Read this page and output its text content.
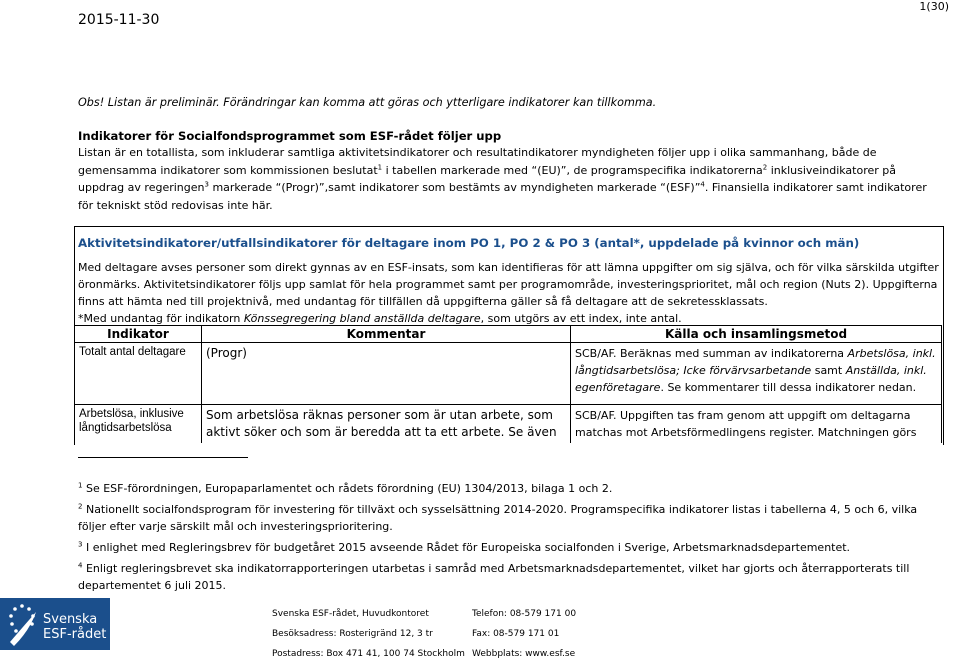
2015-11-30
1(30)
Obs! Listan är preliminär. Förändringar kan komma att göras och ytterligare indikatorer kan tillkomma.
Indikatorer för Socialfondsprogrammet som ESF-rådet följer upp
Listan är en totallista, som inkluderar samtliga aktivitetsindikatorer och resultatindikatorer myndigheten följer upp i olika sammanhang, både de gemensamma indikatorer som kommissionen beslutat$^1$ i tabellen markerade med “(EU)”, de programspecifika indikatorerna$^2$ inklusiveindikatorer på uppdrag av regeringen$^3$ markerade “(Progr)”,samt indikatorer som bestämts av myndigheten markerade “(ESF)”$^4$. Finansiella indikatorer samt indikatorer för tekniskt stöd redovisas inte här.
Aktivitetsindikatorer/utfallsindikatorer för deltagare inom PO 1, PO 2 & PO 3 (antal*, uppdelade på kvinnor och män)
Med deltagare avses personer som direkt gynnas av en ESF-insats, som kan identifieras för att lämna uppgifter om sig själva, och för vilka särskilda utgifter öronmärks. Aktivitetsindikatorer följs upp samlat för hela programmet samt per programområde, investeringsprioritet, mål och region (Nuts 2). Uppgifterna finns att hämta ned till projektnivå, med undantag för tillfällen då uppgifterna gäller så få deltagare att de sekretessklassats.
*Med undantag för indikatorn Könssegregering bland anställda deltagare, som utgörs av ett index, inte antal.
Indikator	Kommentar	Källa och insamlingsmetod
Totalt antal deltagare	(Progr)	SCB/AF. Beräknas med summan av indikatorerna Arbetslösa, inkl. långtidsarbetslösa; Icke förvärvsarbetande samt Anställda, inkl. egenföretagare. Se kommentarer till dessa indikatorer nedan.
Arbetslösa, inklusive långtidsarbetslösa	Som arbetslösa räknas personer som är utan arbete, som aktivt söker och som är beredda att ta ett arbete. Se även	SCB/AF. Uppgiften tas fram genom att uppgift om deltagarna matchas mot Arbetsförmedlingens register. Matchningen görs
$^1$ Se ESF-förordningen, Europaparlamentet och rådets förordning (EU) 1304/2013, bilaga 1 och 2.
$^2$ Nationellt socialfondsprogram för investering för tillväxt och sysselsättning 2014-2020. Programspecifika indikatorer listas i tabellerna 4, 5 och 6, vilka följer efter varje särskilt mål och investeringsprioritering.
$^3$ I enlighet med Regleringsbrev för budgetåret 2015 avseende Rådet för Europeiska socialfonden i Sverige, Arbetsmarknadsdepartementet.
$^4$ Enligt regleringsbrevet ska indikatorrapporteringen utarbetas i samråd med Arbetsmarknadsdepartementet, vilket har gjorts och återrapporterats till departementet 6 juli 2015.
Svenska
ESF-rådet
Svenska ESF-rådet, Huvudkontoret
Besöksadress: Rosterigränd 12, 3 tr
Postadress: Box 471 41, 100 74 Stockholm
Telefon: 08-579 171 00
Fax: 08-579 171 01
Webbplats: www.esf.se
